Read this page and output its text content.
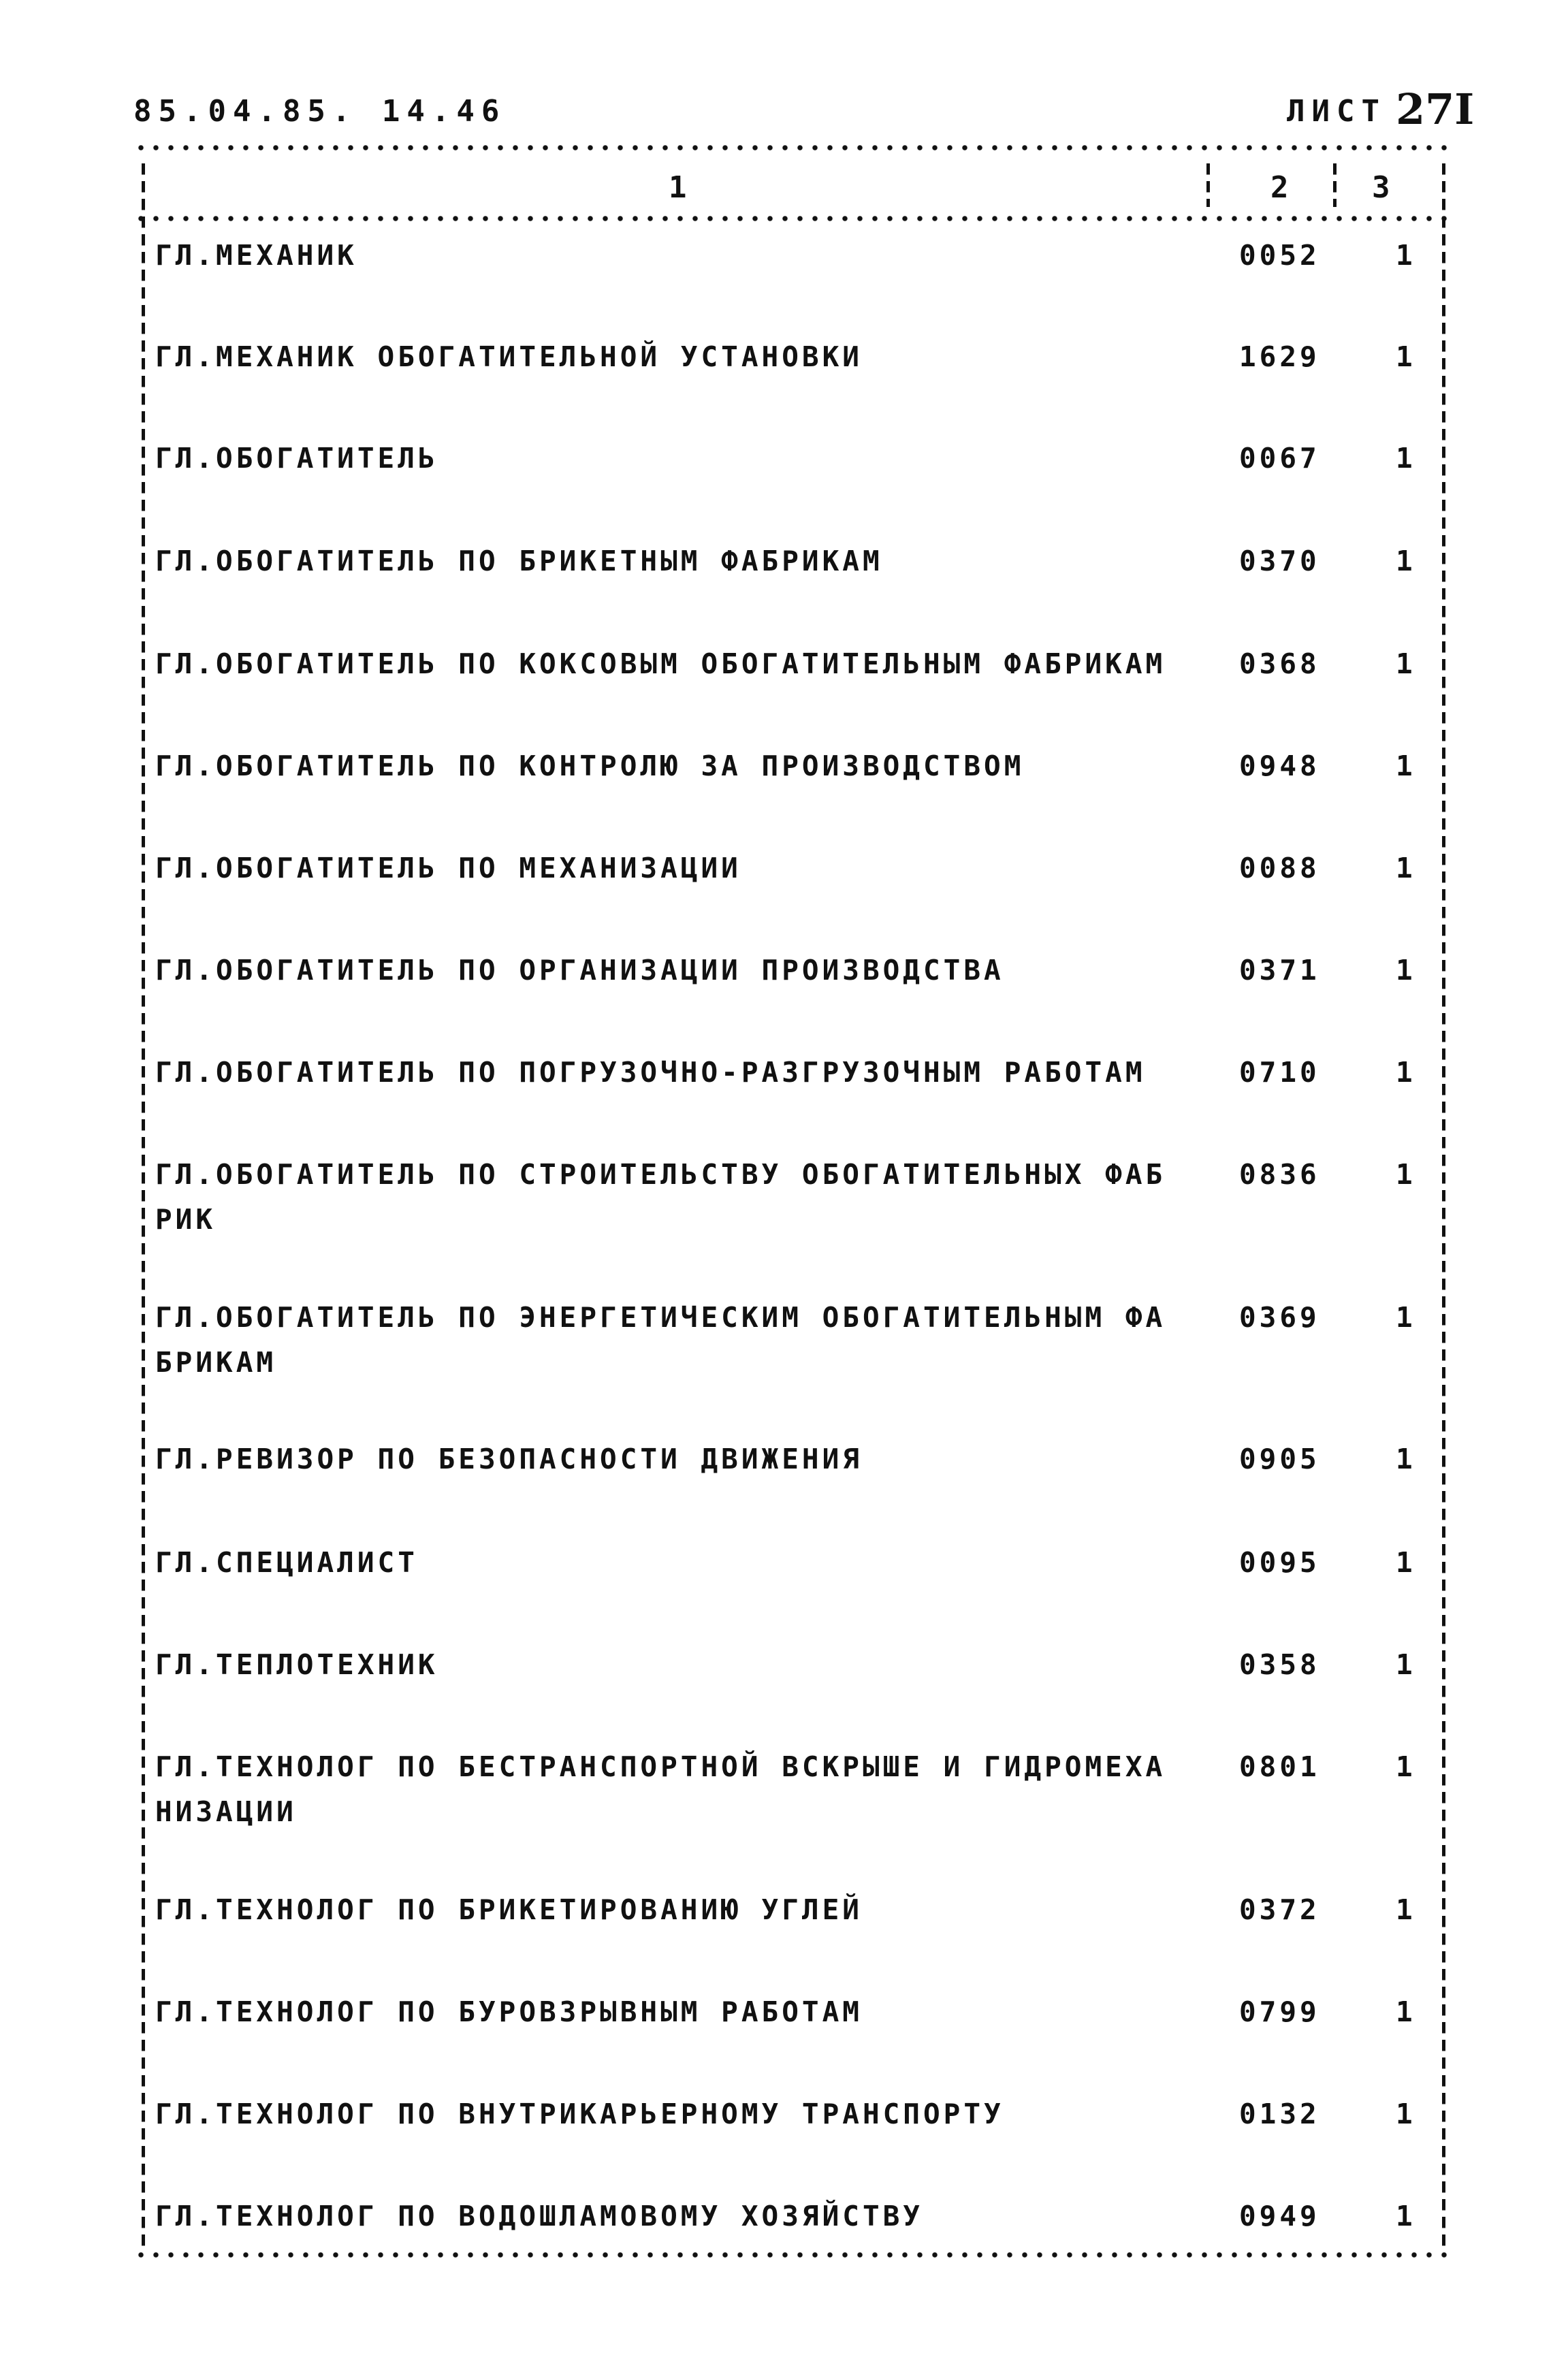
85.04.85. 14.46	ЛИСТ 27I
1	2	3
ГЛ.МЕХАНИК	0052	1
ГЛ.МЕХАНИК ОБОГАТИТЕЛЬНОЙ УСТАНОВКИ	1629	1
ГЛ.ОБОГАТИТЕЛЬ	0067	1
ГЛ.ОБОГАТИТЕЛЬ ПО БРИКЕТНЫМ ФАБРИКАМ	0370	1
ГЛ.ОБОГАТИТЕЛЬ ПО КОКСОВЫМ ОБОГАТИТЕЛЬНЫМ ФАБРИКАМ	0368	1
ГЛ.ОБОГАТИТЕЛЬ ПО КОНТРОЛЮ ЗА ПРОИЗВОДСТВОМ	0948	1
ГЛ.ОБОГАТИТЕЛЬ ПО МЕХАНИЗАЦИИ	0088	1
ГЛ.ОБОГАТИТЕЛЬ ПО ОРГАНИЗАЦИИ ПРОИЗВОДСТВА	0371	1
ГЛ.ОБОГАТИТЕЛЬ ПО ПОГРУЗОЧНО-РАЗГРУЗОЧНЫМ РАБОТАМ	0710	1
ГЛ.ОБОГАТИТЕЛЬ ПО СТРОИТЕЛЬСТВУ ОБОГАТИТЕЛЬНЫХ ФАБ
РИК
0836	1
ГЛ.ОБОГАТИТЕЛЬ ПО ЭНЕРГЕТИЧЕСКИМ ОБОГАТИТЕЛЬНЫМ ФА
БРИКАМ
0369	1
ГЛ.РЕВИЗОР ПО БЕЗОПАСНОСТИ ДВИЖЕНИЯ	0905	1
ГЛ.СПЕЦИАЛИСТ	0095	1
ГЛ.ТЕПЛОТЕХНИК	0358	1
ГЛ.ТЕХНОЛОГ ПО БЕСТРАНСПОРТНОЙ ВСКРЫШЕ И ГИДРОМЕХА
НИЗАЦИИ
0801	1
ГЛ.ТЕХНОЛОГ ПО БРИКЕТИРОВАНИЮ УГЛЕЙ	0372	1
ГЛ.ТЕХНОЛОГ ПО БУРОВЗРЫВНЫМ РАБОТАМ	0799	1
ГЛ.ТЕХНОЛОГ ПО ВНУТРИКАРЬЕРНОМУ ТРАНСПОРТУ	0132	1
ГЛ.ТЕХНОЛОГ ПО ВОДОШЛАМОВОМУ ХОЗЯЙСТВУ	0949	1
